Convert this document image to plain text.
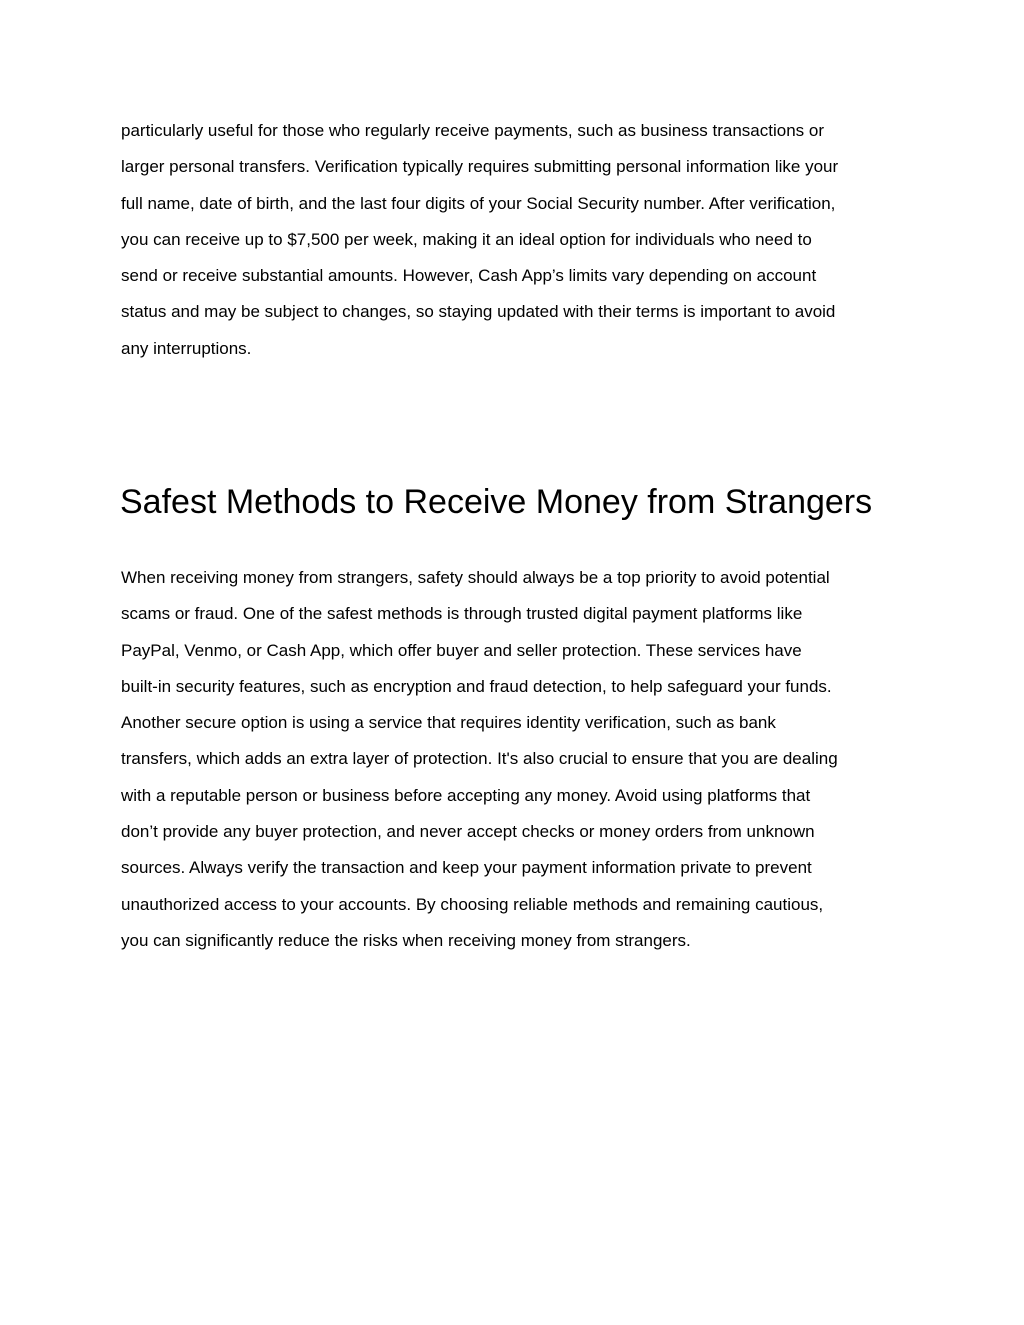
particularly useful for those who regularly receive payments, such as business transactions or
larger personal transfers. Verification typically requires submitting personal information like your
full name, date of birth, and the last four digits of your Social Security number. After verification,
you can receive up to $7,500 per week, making it an ideal option for individuals who need to
send or receive substantial amounts. However, Cash App’s limits vary depending on account
status and may be subject to changes, so staying updated with their terms is important to avoid
any interruptions.
Safest Methods to Receive Money from Strangers
When receiving money from strangers, safety should always be a top priority to avoid potential
scams or fraud. One of the safest methods is through trusted digital payment platforms like
PayPal, Venmo, or Cash App, which offer buyer and seller protection. These services have
built-in security features, such as encryption and fraud detection, to help safeguard your funds.
Another secure option is using a service that requires identity verification, such as bank
transfers, which adds an extra layer of protection. It's also crucial to ensure that you are dealing
with a reputable person or business before accepting any money. Avoid using platforms that
don’t provide any buyer protection, and never accept checks or money orders from unknown
sources. Always verify the transaction and keep your payment information private to prevent
unauthorized access to your accounts. By choosing reliable methods and remaining cautious,
you can significantly reduce the risks when receiving money from strangers.
